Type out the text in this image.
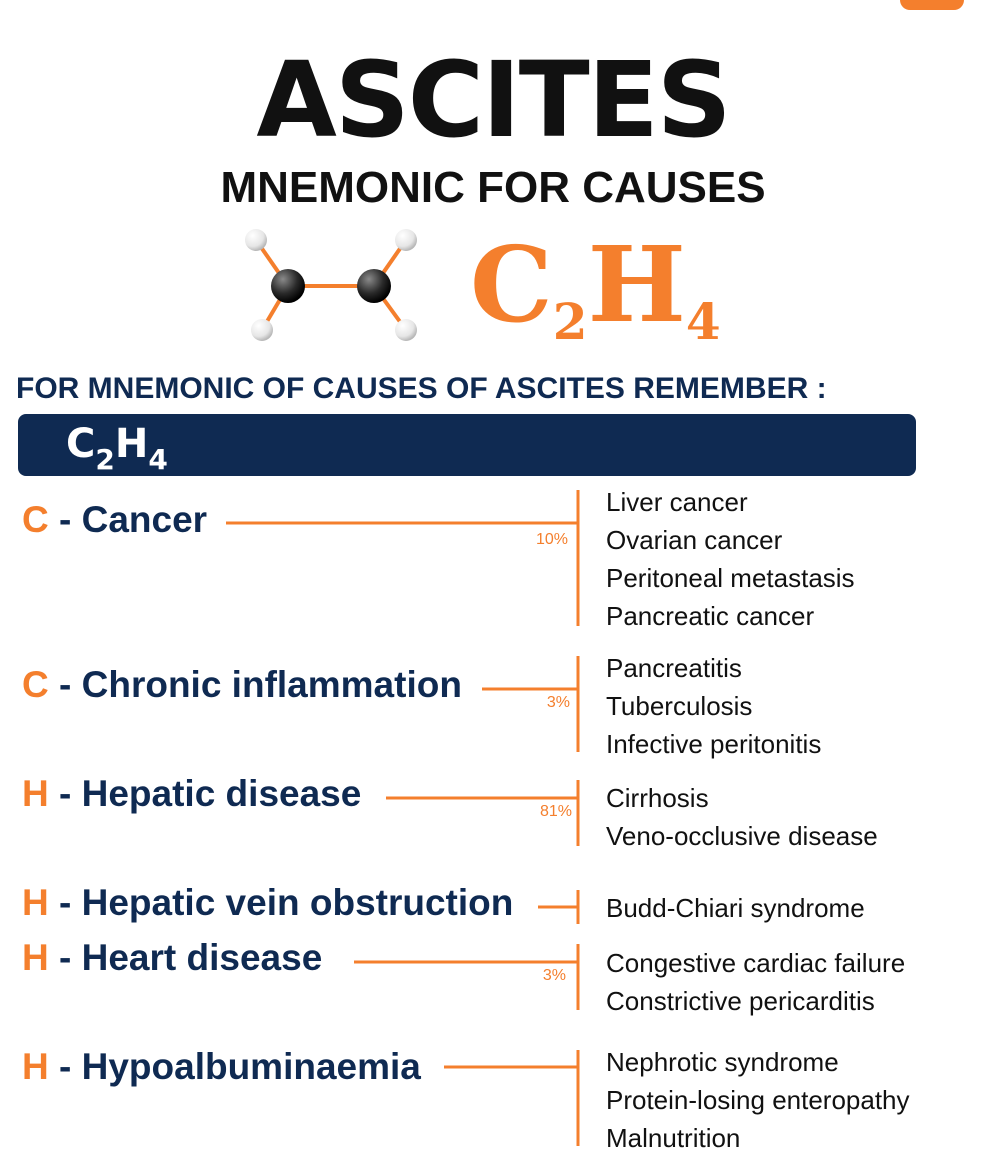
ASCITES
MNEMONIC FOR CAUSES
$C_2H_4$
FOR MNEMONIC OF CAUSES OF ASCITES REMEMBER :
$C_2H_4$
C - Cancer	10%
Liver cancer
Ovarian cancer
Peritoneal metastasis
Pancreatic cancer
C - Chronic inflammation	3%
Pancreatitis
Tuberculosis
Infective peritonitis
H - Hepatic disease	81% Cirrhosis
Veno-occlusive disease
H - Hepatic vein obstruction	Budd-Chiari syndrome
H - Heart disease	3% Congestive cardiac failure
Constrictive pericarditis
H - Hypoalbuminaemia	Nephrotic syndrome
Protein-losing enteropathy
Malnutrition
